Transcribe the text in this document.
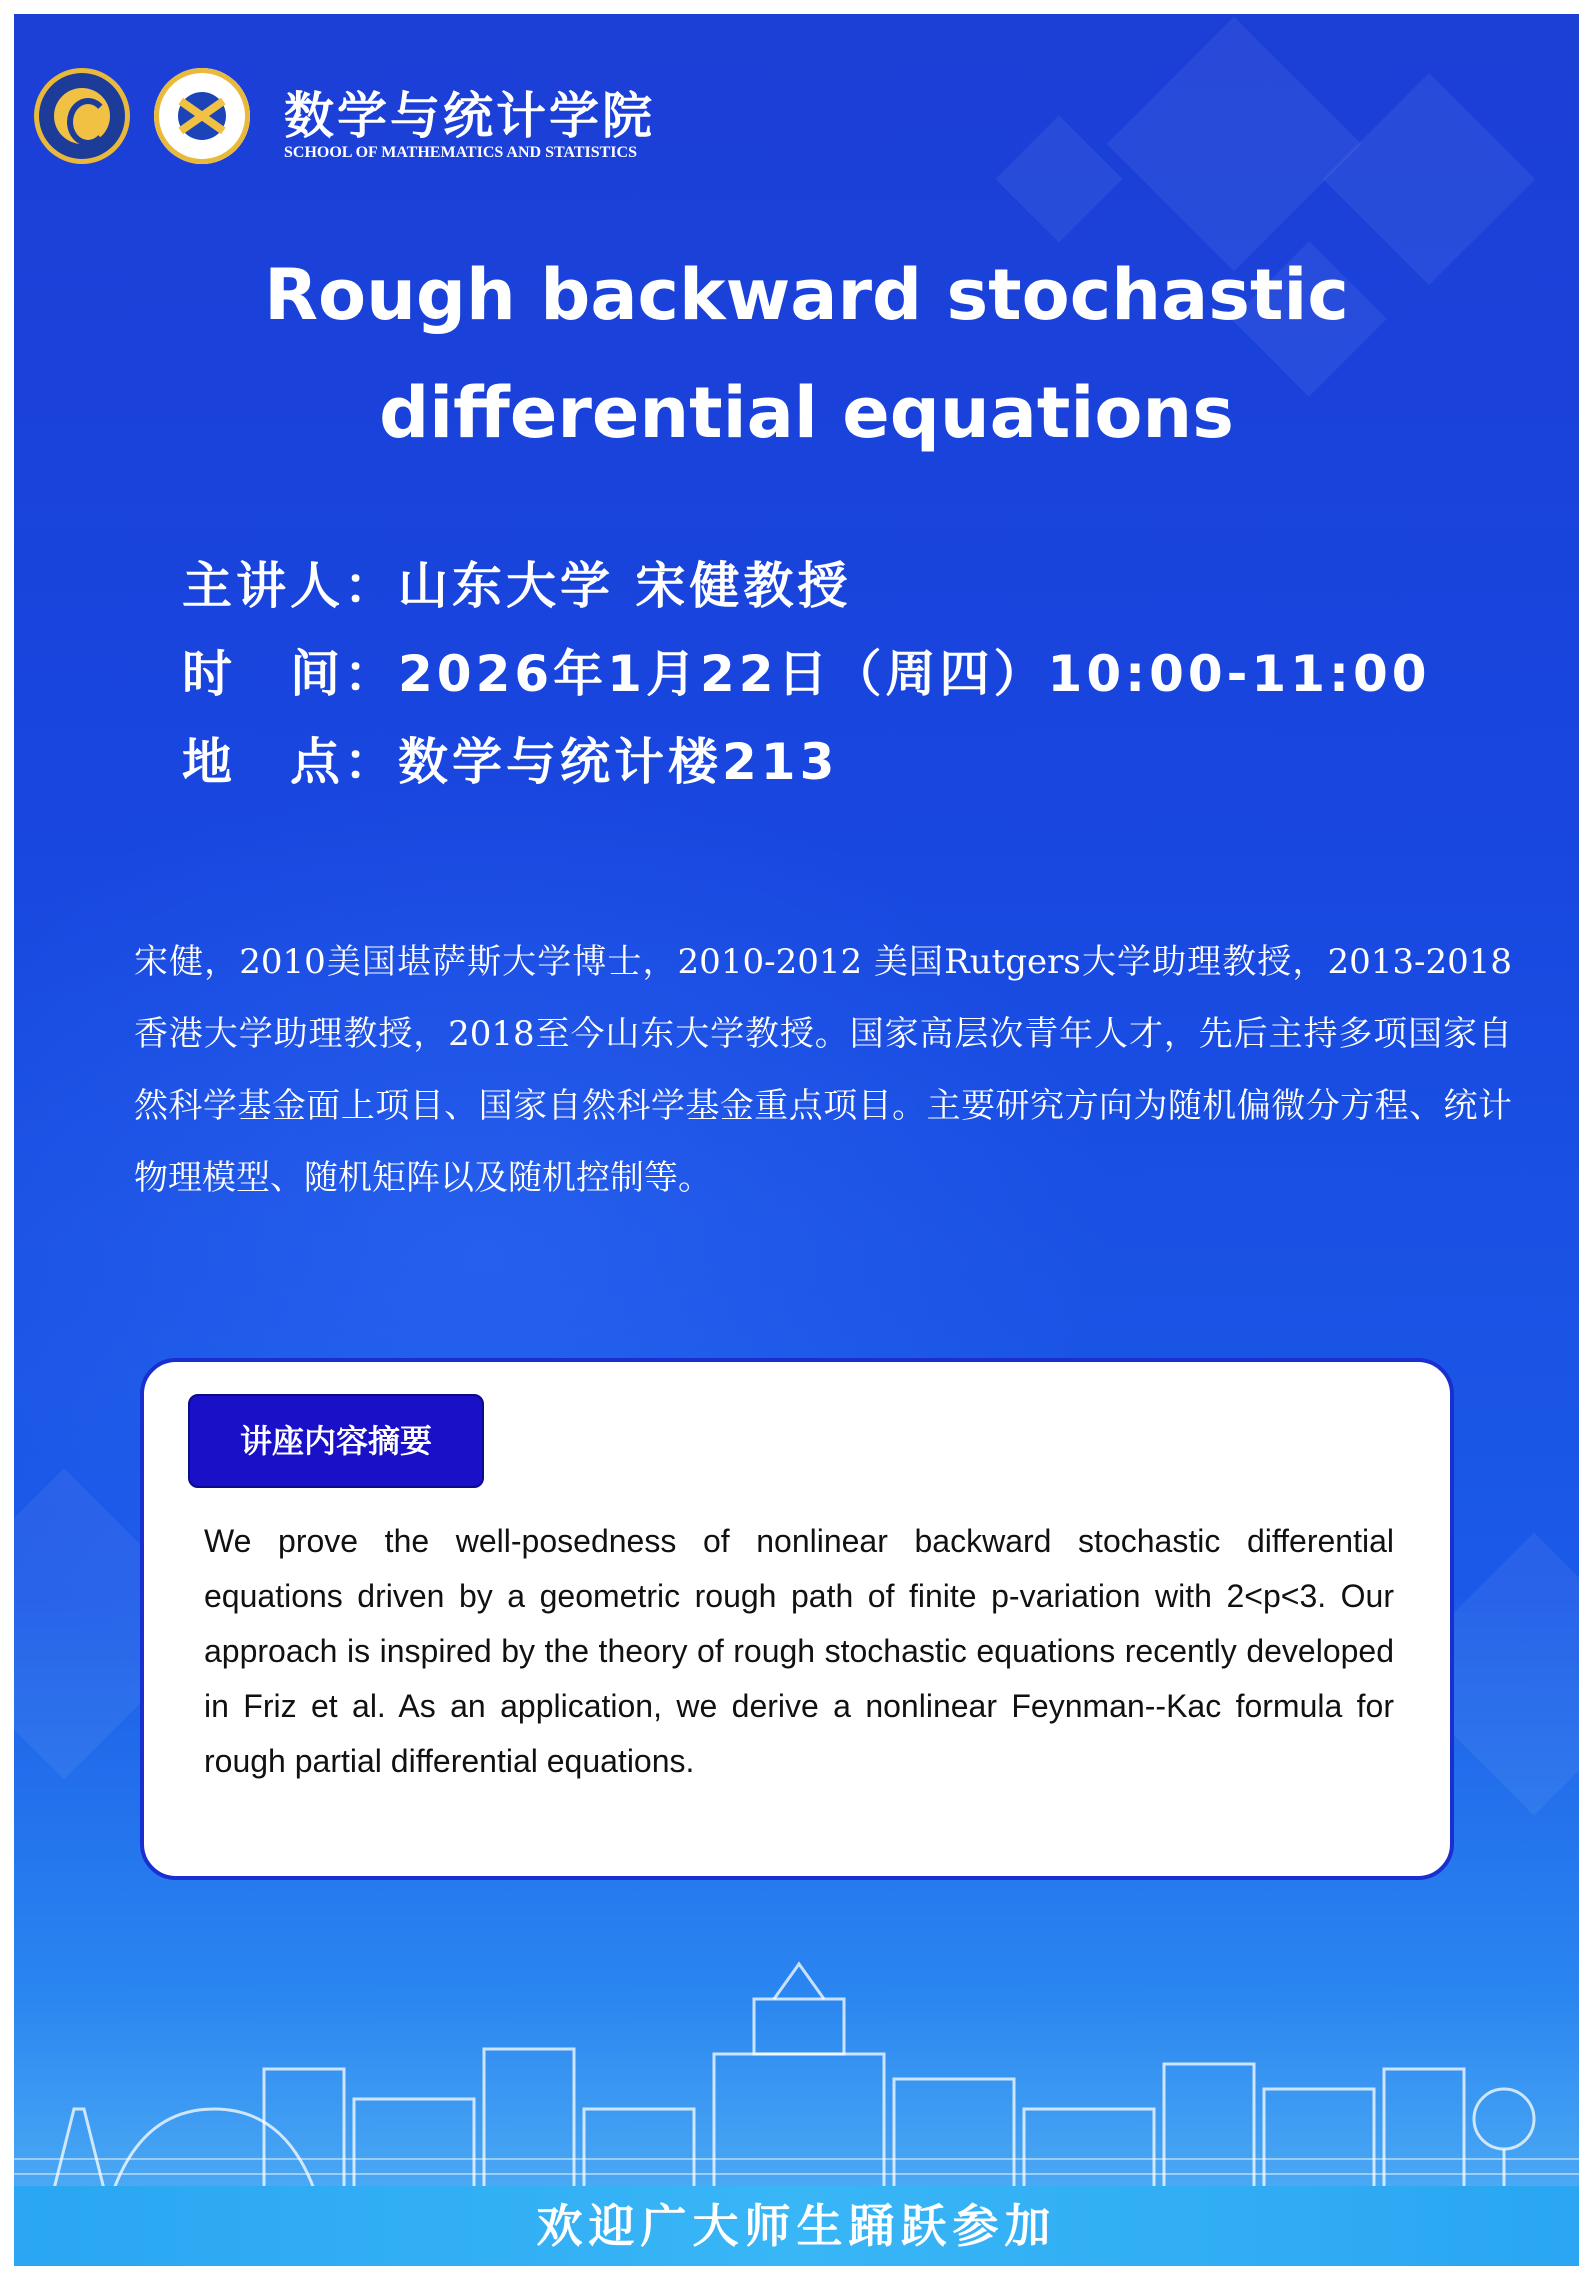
数学与统计学院
SCHOOL OF MATHEMATICS AND STATISTICS
Rough backward stochastic differential equations
主讲人：山东大学 宋健教授
时　间：2026年1月22日（周四）10:00-11:00
地　点：数学与统计楼213
宋健，2010美国堪萨斯大学博士，2010-2012 美国Rutgers大学助理教授，2013-2018 香港大学助理教授，2018至今山东大学教授。国家高层次青年人才，先后主持多项国家自然科学基金面上项目、国家自然科学基金重点项目。主要研究方向为随机偏微分方程、统计物理模型、随机矩阵以及随机控制等。
讲座内容摘要
We prove the well-posedness of nonlinear backward stochastic differential equations driven by a geometric rough path of finite p-variation with 2<p<3. Our approach is inspired by the theory of rough stochastic equations recently developed in Friz et al. As an application, we derive a nonlinear Feynman--Kac formula for rough partial differential equations.
欢迎广大师生踊跃参加
